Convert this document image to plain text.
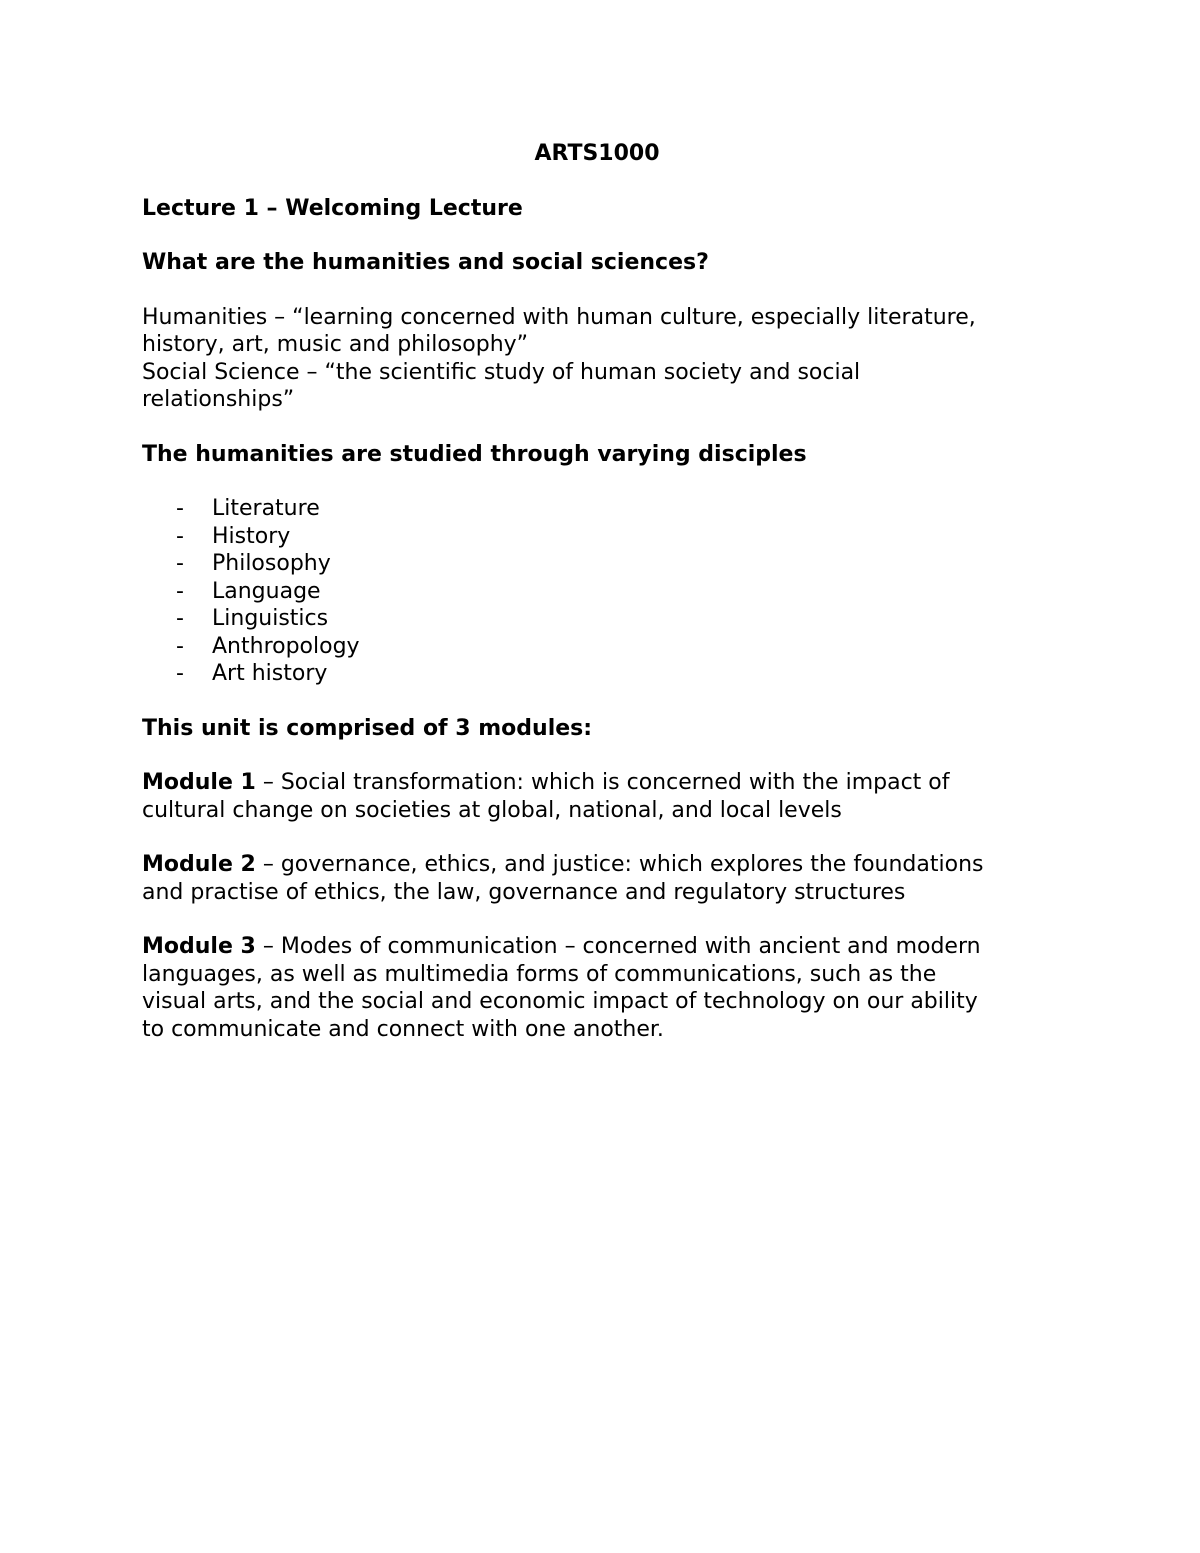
ARTS1000

Lecture 1 – Welcoming Lecture

What are the humanities and social sciences?

Humanities – “learning concerned with human culture, especially literature,

history, art, music and philosophy”

Social Science – “the scientific study of human society and social

relationships”

The humanities are studied through varying disciples

- Literature
- History
- Philosophy
- Language
- Linguistics
- Anthropology
- Art history

This unit is comprised of 3 modules:

Module 1 – Social transformation: which is concerned with the impact of

cultural change on societies at global, national, and local levels

Module 2 – governance, ethics, and justice: which explores the foundations

and practise of ethics, the law, governance and regulatory structures

Module 3 – Modes of communication – concerned with ancient and modern

languages, as well as multimedia forms of communications, such as the

visual arts, and the social and economic impact of technology on our ability

to communicate and connect with one another.
